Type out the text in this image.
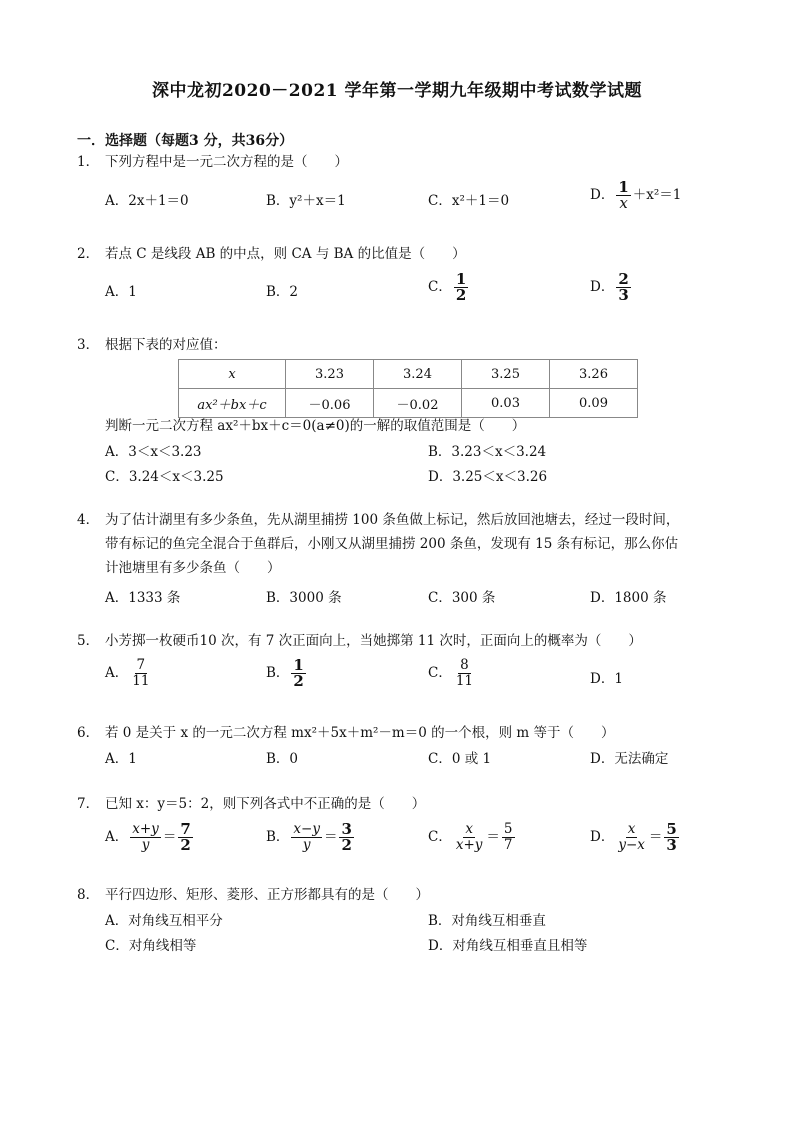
深中龙初2020－2021 学年第一学期九年级期中考试数学试题
一．选择题（每题3 分，共36分）
1． 下列方程中是一元二次方程的是（　　）
A．2x＋1＝0	B．y²＋x＝1	C．x²＋1＝0	D． $\frac{1}{x} +x^2=1$
2． 若点 C 是线段 AB 的中点，则 CA 与 BA 的比值是（　　）
A．1	B．2	C． $\frac{1}{2}$	D． $\frac{2}{3}$
3． 根据下表的对应值：
x	3.23	3.24	3.25	3.26
ax²＋bx＋c	－0.06	－0.02	0.03	0.09
判断一元二次方程 ax²＋bx＋c＝0(a≠0)的一解的取值范围是（　　）
A．3＜x＜3.23	B．3.23＜x＜3.24
C．3.24＜x＜3.25	D．3.25＜x＜3.26
4． 为了估计湖里有多少条鱼，先从湖里捕捞 100 条鱼做上标记，然后放回池塘去，经过一段时间，
带有标记的鱼完全混合于鱼群后，小刚又从湖里捕捞 200 条鱼，发现有 15 条有标记，那么你估
计池塘里有多少条鱼（　　）
A．1333 条	B．3000 条	C．300 条	D．1800 条
5． 小芳掷一枚硬币10 次，有 7 次正面向上，当她掷第 11 次时，正面向上的概率为（　　）
A． $\frac{7}{11}$	B． $\frac{1}{2}$	C． $\frac{8}{11}$	D．1
6． 若 0 是关于 x 的一元二次方程 mx²＋5x＋m²－m＝0 的一个根，则 m 等于（　　）
A．1	B．0	C．0 或 1	D．无法确定
7． 已知 x：y＝5：2，则下列各式中不正确的是（　　）
A． $\frac{x+y}{y} = \frac{7}{2}$	B． $\frac{x-y}{y} = \frac{3}{2}$	C． $\frac{x}{x+y} = \frac{5}{7}$	D． $\frac{x}{y-x} = \frac{5}{3}$
8． 平行四边形、矩形、菱形、正方形都具有的是（　　）
A．对角线互相平分	B．对角线互相垂直
C．对角线相等	D．对角线互相垂直且相等
